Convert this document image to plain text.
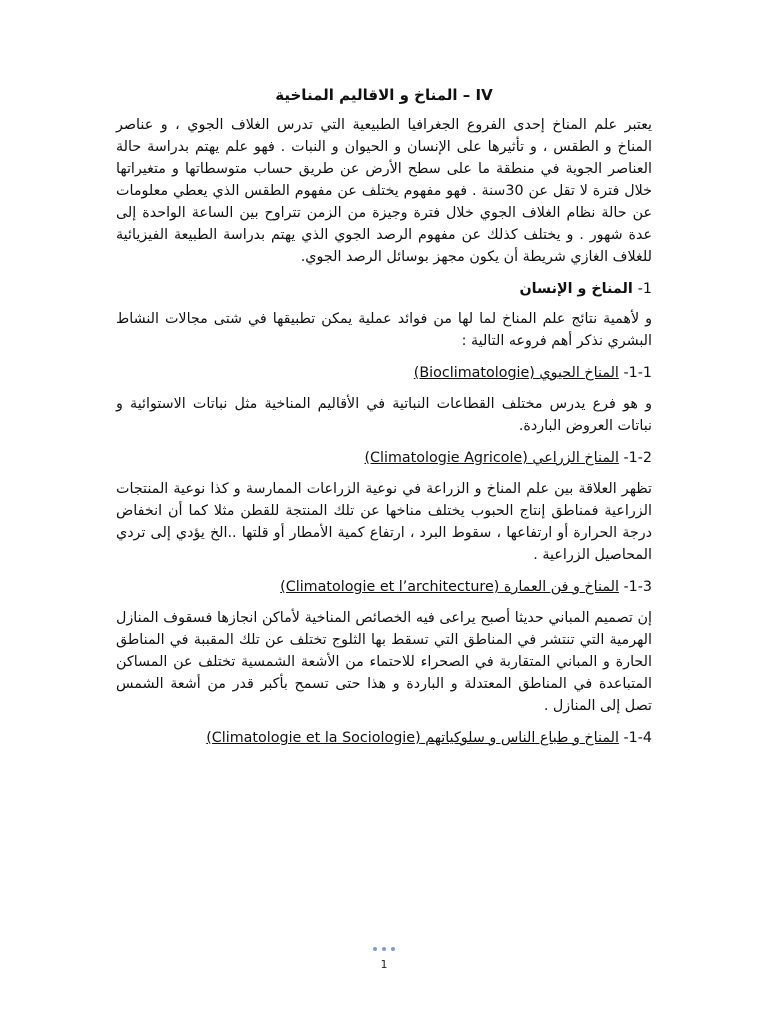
IV – المناخ و الاقاليم المناخية

يعتبر علم المناخ إحدى الفروع الجغرافيا الطبيعية التي تدرس الغلاف الجوي ، و عناصر المناخ و الطقس ، و تأثيرها على الإنسان و الحيوان و النبات . فهو علم يهتم بدراسة حالة العناصر الجوية في منطقة ما على سطح الأرض عن طريق حساب متوسطاتها و متغيراتها خلال فترة لا تقل عن 30سنة . فهو مفهوم يختلف عن مفهوم الطقس الذي يعطي معلومات عن حالة نظام الغلاف الجوي خلال فترة وجيزة من الزمن تتراوح بين الساعة الواحدة إلى عدة شهور . و يختلف كذلك عن مفهوم الرصد الجوي الذي يهتم بدراسة الطبيعة الفيزيائية للغلاف الغازي شريطة أن يكون مجهز بوسائل الرصد الجوي.

1- المناخ و الإنسان

و لأهمية نتائج علم المناخ لما لها من فوائد عملية يمكن تطبيقها في شتى مجالات النشاط البشري نذكر أهم فروعه التالية :

1-1- المناخ الحيوي (Bioclimatologie)

و هو فرع يدرس مختلف القطاعات النباتية في الأقاليم المناخية مثل نباتات الاستوائية و نباتات العروض الباردة.

1-2- المناخ الزراعي (Climatologie Agricole)

تظهر العلاقة بين علم المناخ و الزراعة في نوعية الزراعات الممارسة و كذا نوعية المنتجات الزراعية فمناطق إنتاج الحبوب يختلف مناخها عن تلك المنتجة للقطن مثلا كما أن انخفاض درجة الحرارة أو ارتفاعها ، سقوط البرد ، ارتفاع كمية الأمطار أو قلتها ..الخ يؤدي إلى تردي المحاصيل الزراعية .

1-3- المناخ و فن العمارة (Climatologie et l’architecture)

إن تصميم المباني حديثا أصبح يراعى فيه الخصائص المناخية لأماكن انجازها فسقوف المنازل الهرمية التي تنتشر في المناطق التي تسقط بها الثلوج تختلف عن تلك المقببة في المناطق الحارة و المباني المتقاربة في الصحراء للاحتماء من الأشعة الشمسية تختلف عن المساكن المتباعدة في المناطق المعتدلة و الباردة و هذا حتى تسمح بأكبر قدر من أشعة الشمس تصل إلى المنازل .

1-4- المناخ و طباع الناس و سلوكياتهم (Climatologie et la Sociologie)
1
